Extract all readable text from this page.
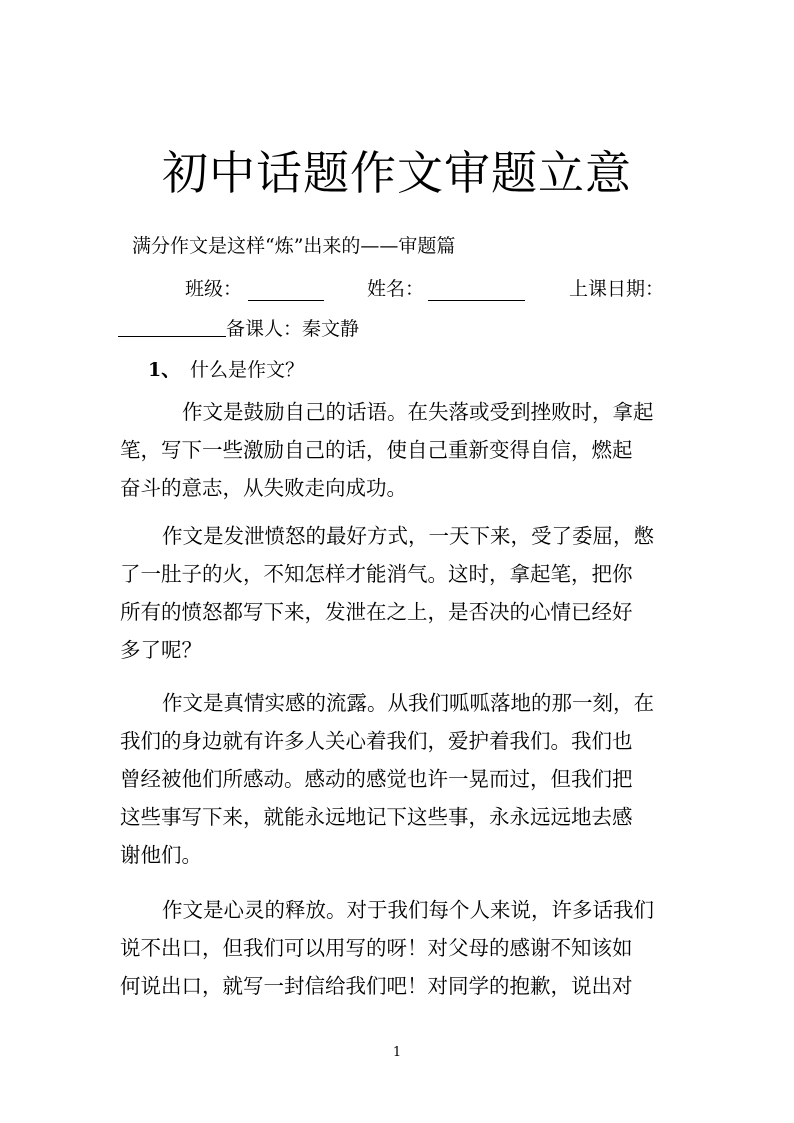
初中话题作文审题立意
满分作文是这样“炼”出来的——审题篇
班级：	姓名：	上课日期：
备课人：秦文静
1、 什么是作文？

作文是鼓励自己的话语。在失落或受到挫败时，拿起
笔，写下一些激励自己的话，使自己重新变得自信，燃起
奋斗的意志，从失败走向成功。

作文是发泄愤怒的最好方式，一天下来，受了委屈，憋
了一肚子的火，不知怎样才能消气。这时，拿起笔，把你
所有的愤怒都写下来，发泄在之上，是否决的心情已经好
多了呢？

作文是真情实感的流露。从我们呱呱落地的那一刻，在
我们的身边就有许多人关心着我们，爱护着我们。我们也
曾经被他们所感动。感动的感觉也许一晃而过，但我们把
这些事写下来，就能永远地记下这些事，永永远远地去感
谢他们。

作文是心灵的释放。对于我们每个人来说，许多话我们
说不出口，但我们可以用写的呀！对父母的感谢不知该如
何说出口，就写一封信给我们吧！对同学的抱歉，说出对

1
